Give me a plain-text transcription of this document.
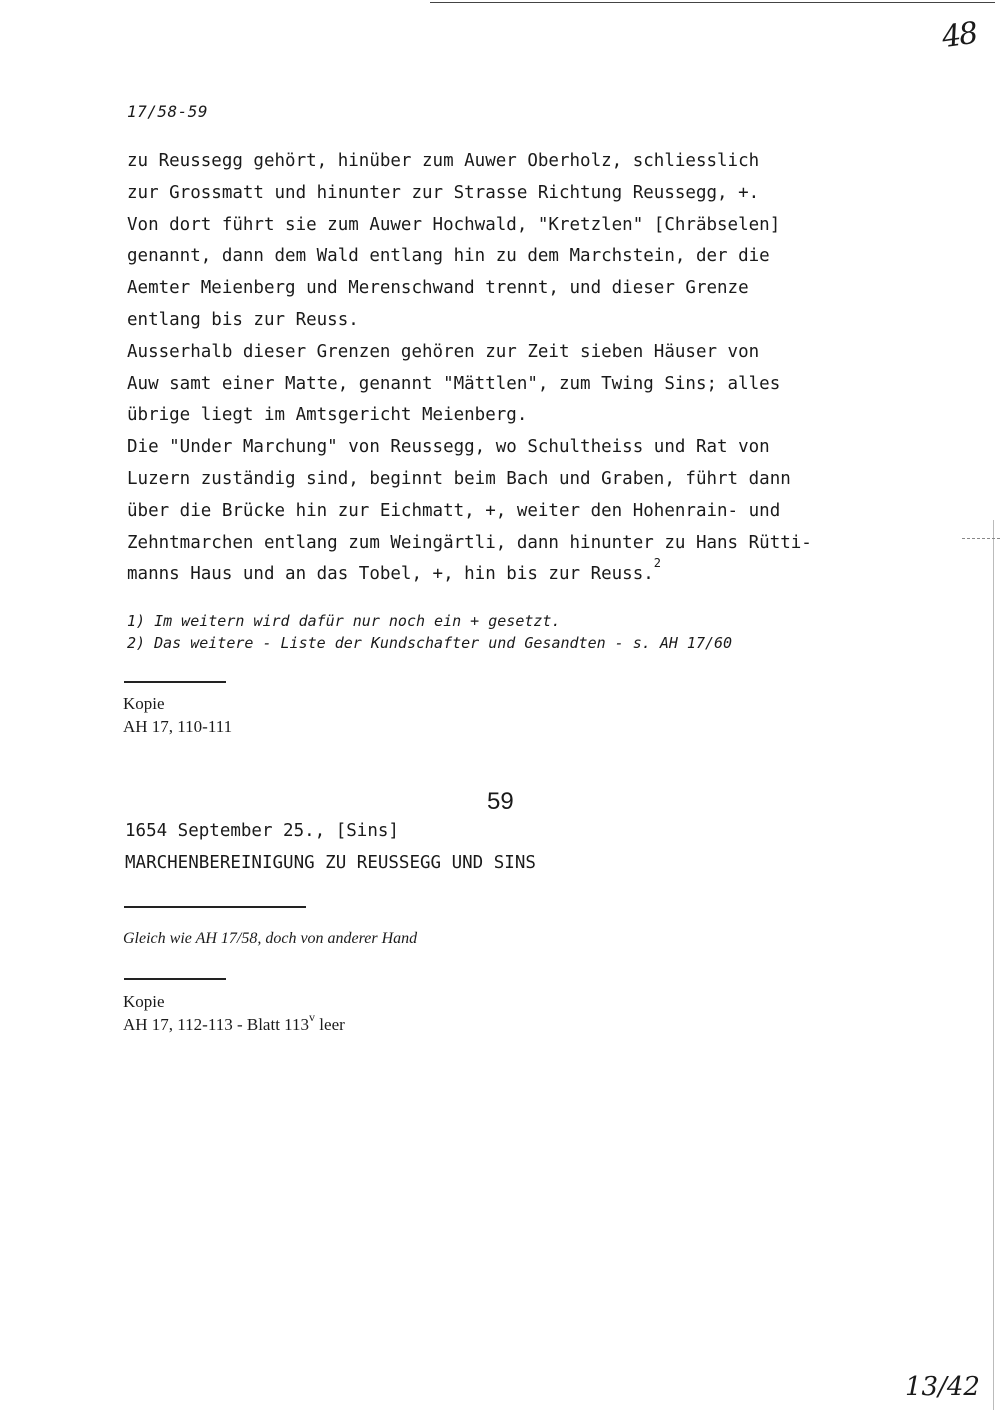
48
17/58-59
zu Reussegg gehört, hinüber zum Auwer Oberholz, schliesslich
zur Grossmatt und hinunter zur Strasse Richtung Reussegg, +.
Von dort führt sie zum Auwer Hochwald, "Kretzlen" [Chräbselen]
genannt, dann dem Wald entlang hin zu dem Marchstein, der die
Aemter Meienberg und Merenschwand trennt, und dieser Grenze
entlang bis zur Reuss.
Ausserhalb dieser Grenzen gehören zur Zeit sieben Häuser von
Auw samt einer Matte, genannt "Mättlen", zum Twing Sins; alles
übrige liegt im Amtsgericht Meienberg.
Die "Under Marchung" von Reussegg, wo Schultheiss und Rat von
Luzern zuständig sind, beginnt beim Bach und Graben, führt dann
über die Brücke hin zur Eichmatt, +, weiter den Hohenrain- und
Zehntmarchen entlang zum Weingärtli, dann hinunter zu Hans Rütti-
manns Haus und an das Tobel, +, hin bis zur Reuss.$^2$
1) Im weitern wird dafür nur noch ein + gesetzt.
2) Das weitere - Liste der Kundschafter und Gesandten - s. AH 17/60
Kopie
AH 17, 110-111
59
1654 September 25., [Sins]
MARCHENBEREINIGUNG ZU REUSSEGG UND SINS
Gleich wie AH 17/58, doch von anderer Hand
Kopie
AH 17, 112-113 - Blatt 113$^v$ leer
13/42
